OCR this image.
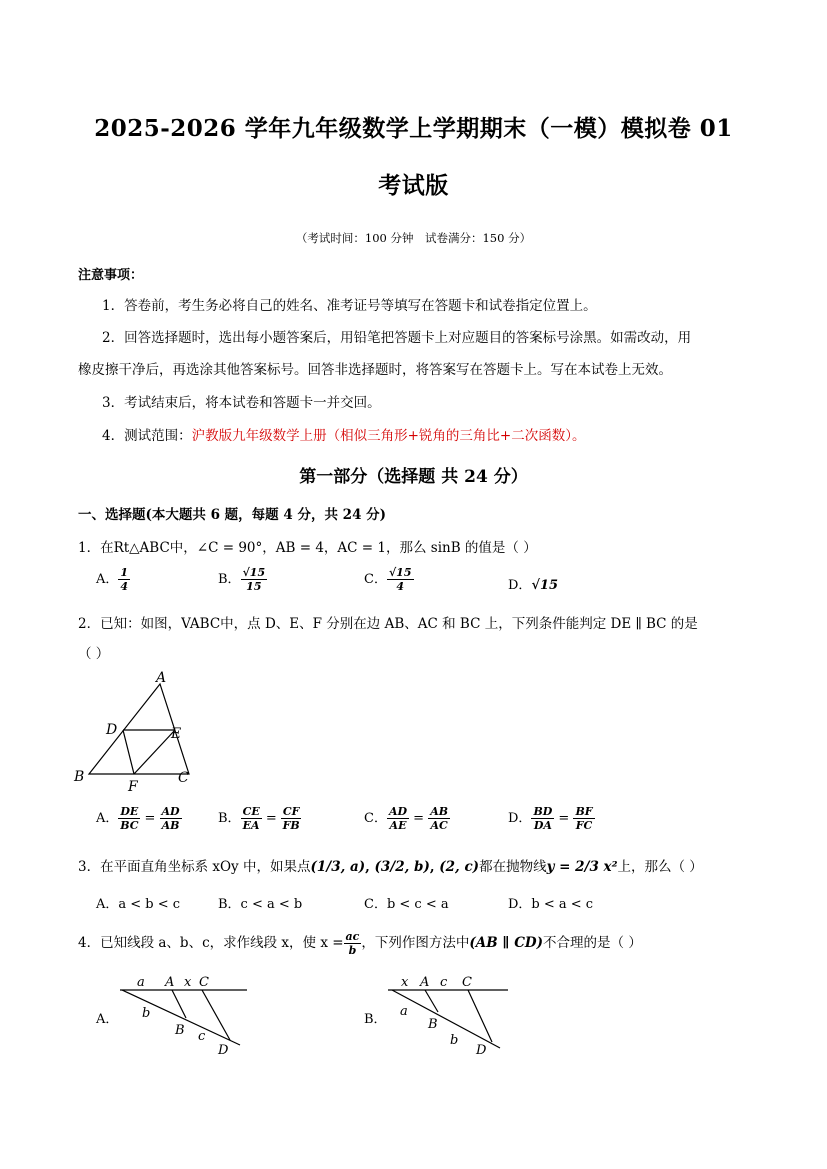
2025-2026 学年九年级数学上学期期末（一模）模拟卷 01
考试版
（考试时间：100 分钟　试卷满分：150 分）
注意事项：
1．答卷前，考生务必将自己的姓名、准考证号等填写在答题卡和试卷指定位置上。
2．回答选择题时，选出每小题答案后，用铅笔把答题卡上对应题目的答案标号涂黑。如需改动，用
橡皮擦干净后，再选涂其他答案标号。回答非选择题时，将答案写在答题卡上。写在本试卷上无效。
3．考试结束后，将本试卷和答题卡一并交回。
4．测试范围：沪教版九年级数学上册（相似三角形+锐角的三角比+二次函数）。
第一部分（选择题 共 24 分）
一、选择题(本大题共 6 题，每题 4 分，共 24 分)
1．在Rt△ABC中，∠C = 90°，AB = 4，AC = 1，那么 sinB 的值是（ ）
A． $\frac{1}{4}$	B． $\frac{√15}{15}$	C． $\frac{√15}{4}$	D．√15
2．已知：如图，VABC中，点 D、E、F 分别在边 AB、AC 和 BC 上，下列条件能判定 DE ∥ BC 的是
（ ）
A
D	E
B
F
C
A． $\frac{DE}{BC} = \frac{AD}{AB}$	B． $\frac{CE}{EA} = \frac{CF}{FB}$	C． $\frac{AD}{AE} = \frac{AB}{AC}$	D． $\frac{BD}{DA} = \frac{BF}{FC}$
3．在平面直角坐标系 xOy 中，如果点(1/3, a), (3/2, b), (2, c)都在抛物线y = 2/3 x²上，那么（ ）
A．a < b < c	B．c < a < b	C．b < c < a	D．b < a < c
4．已知线段 a、b、c，求作线段 x，使 $x = \frac{ac}{b}$ ，下列作图方法中(AB ∥ CD)不合理的是（ ）
A．
a A x C
b
B c
D
B．
x A c C
a
B
b
D
